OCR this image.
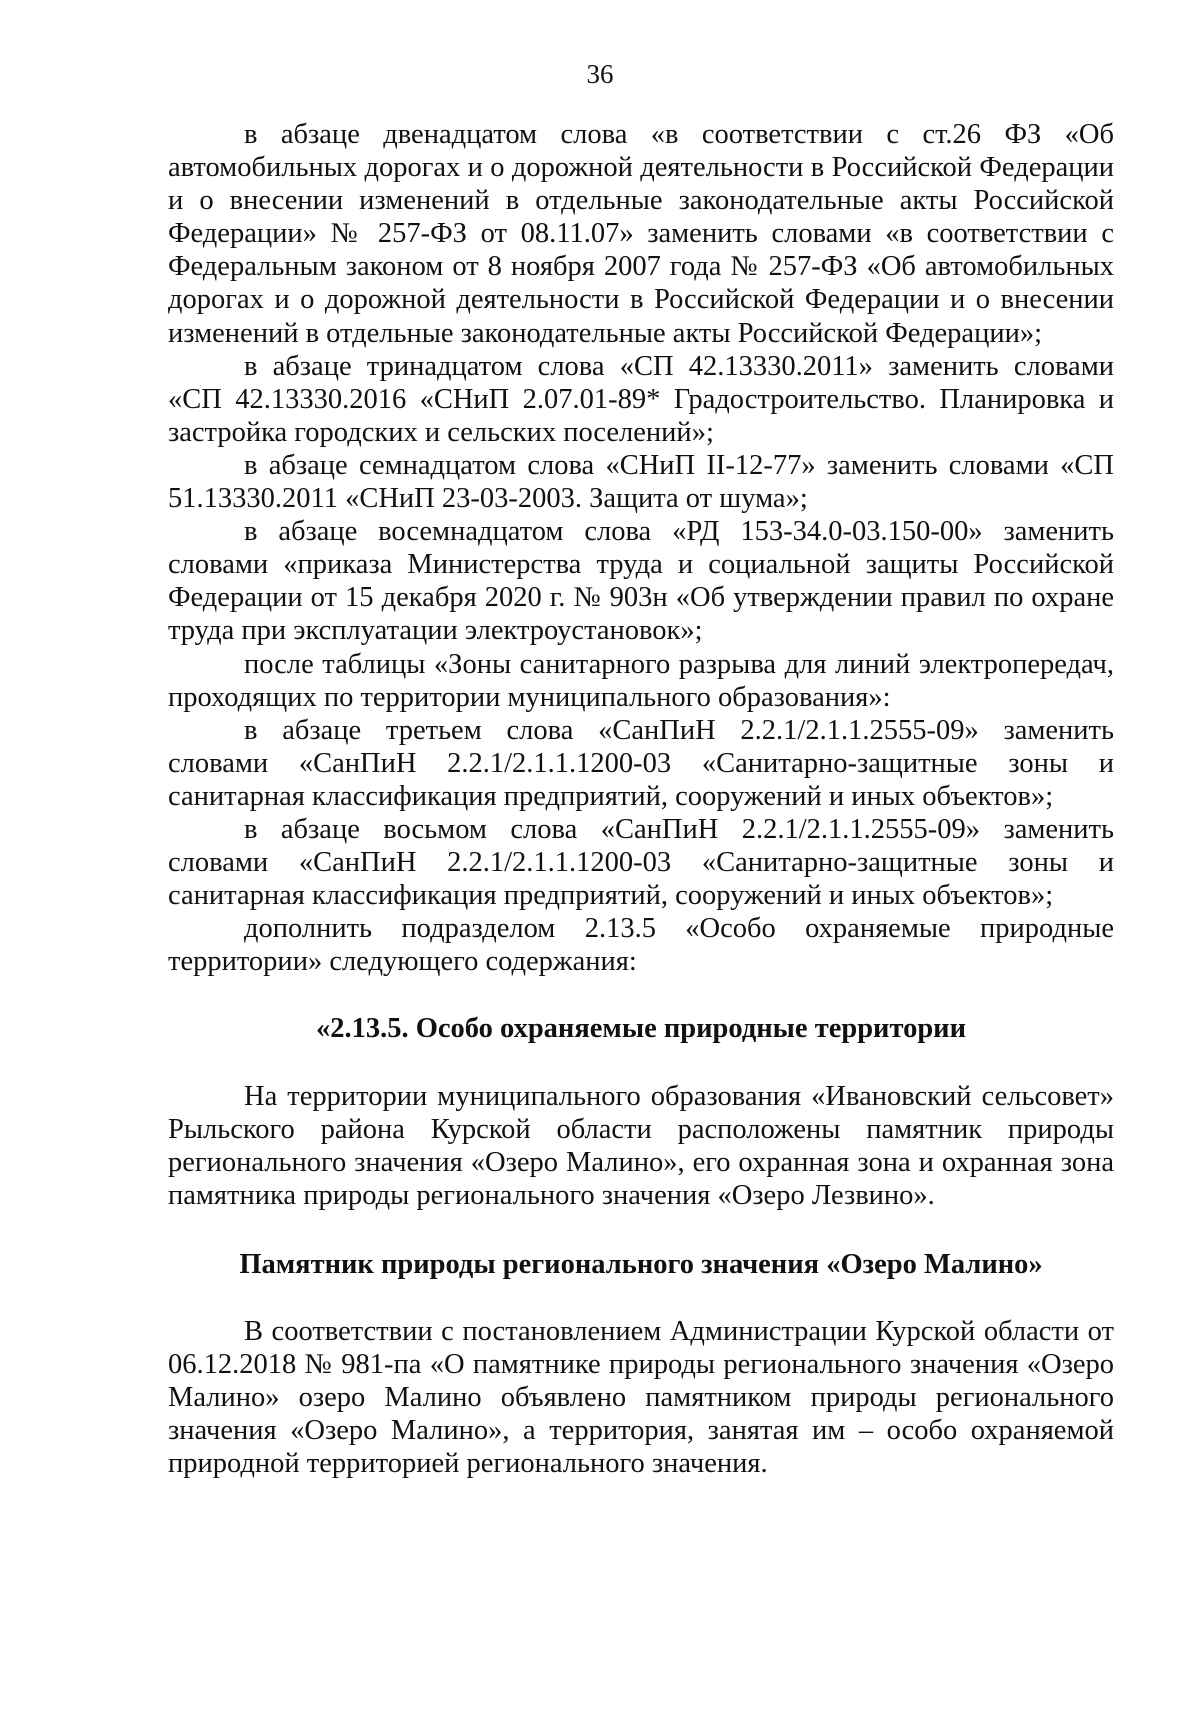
36

в абзаце двенадцатом слова «в соответствии с ст.26 ФЗ «Об автомобильных дорогах и о дорожной деятельности в Российской Федерации и о внесении изменений в отдельные законодательные акты Российской Федерации» № 257-ФЗ от 08.11.07» заменить словами «в соответствии с Федеральным законом от 8 ноября 2007 года № 257-ФЗ «Об автомобильных дорогах и о дорожной деятельности в Российской Федерации и о внесении изменений в отдельные законодательные акты Российской Федерации»;

в абзаце тринадцатом слова «СП 42.13330.2011» заменить словами «СП 42.13330.2016 «СНиП 2.07.01-89* Градостроительство. Планировка и застройка городских и сельских поселений»;

в абзаце семнадцатом слова «СНиП II-12-77» заменить словами «СП 51.13330.2011 «СНиП 23-03-2003. Защита от шума»;

в абзаце восемнадцатом слова «РД 153-34.0-03.150-00» заменить словами «приказа Министерства труда и социальной защиты Российской Федерации от 15 декабря 2020 г. № 903н «Об утверждении правил по охране труда при эксплуатации электроустановок»;

после таблицы «Зоны санитарного разрыва для линий электропередач, проходящих по территории муниципального образования»:

в абзаце третьем слова «СанПиН 2.2.1/2.1.1.2555-09» заменить словами «СанПиН 2.2.1/2.1.1.1200-03 «Санитарно-защитные зоны и санитарная классификация предприятий, сооружений и иных объектов»;

в абзаце восьмом слова «СанПиН 2.2.1/2.1.1.2555-09» заменить словами «СанПиН 2.2.1/2.1.1.1200-03 «Санитарно-защитные зоны и санитарная классификация предприятий, сооружений и иных объектов»;

дополнить подразделом 2.13.5 «Особо охраняемые природные территории» следующего содержания:

«2.13.5. Особо охраняемые природные территории

На территории муниципального образования «Ивановский сельсовет» Рыльского района Курской области расположены памятник природы регионального значения «Озеро Малино», его охранная зона и охранная зона памятника природы регионального значения «Озеро Лезвино».

Памятник природы регионального значения «Озеро Малино»

В соответствии с постановлением Администрации Курской области от 06.12.2018 № 981-па «О памятнике природы регионального значения «Озеро Малино» озеро Малино объявлено памятником природы регионального значения «Озеро Малино», а территория, занятая им – особо охраняемой природной территорией регионального значения.
